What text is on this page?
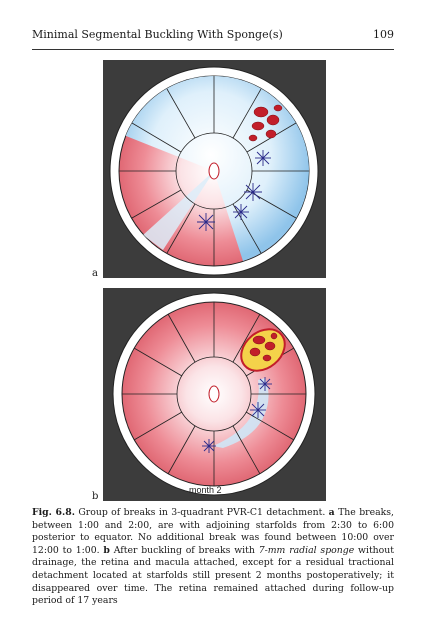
Minimal Segmental Buckling With Sponge(s)	109
a
month 2
b
Fig. 6.8. Group of breaks in 3-quadrant PVR-C1 detachment. a The breaks, between 1:00 and 2:00, are with adjoining starfolds from 2:30 to 6:00 posterior to equator. No additional break was found between 10:00 over 12:00 to 1:00. b After buckling of breaks with 7-mm radial sponge without drainage, the retina and macula attached, except for a residual tractional detachment located at starfolds still present 2 months postoperatively; it disappeared over time. The retina remained attached during follow-up period of 17 years
